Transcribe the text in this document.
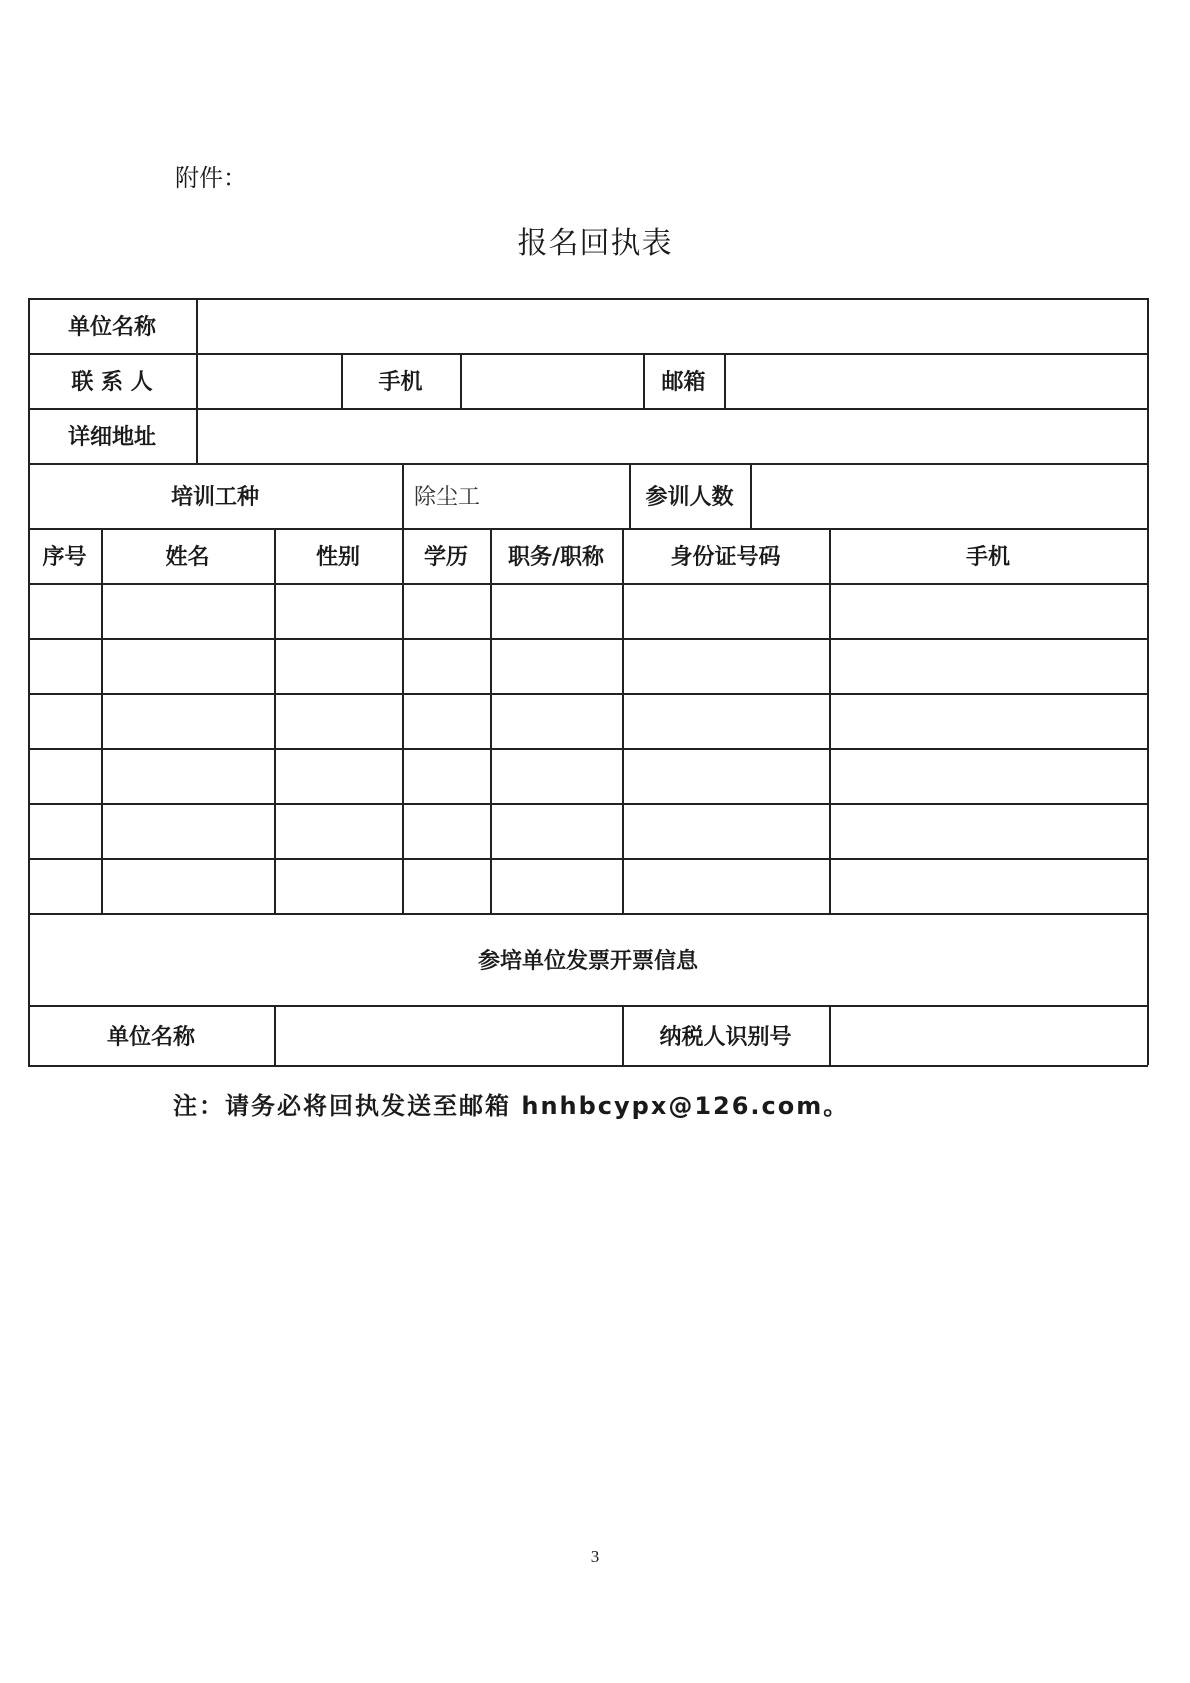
附件：
报名回执表
单位名称
联 系 人	手机	邮箱
详细地址
培训工种	除尘工	参训人数
序号	姓名	性别	学历	职务/职称	身份证号码	手机
参培单位发票开票信息
单位名称	纳税人识别号
注：请务必将回执发送至邮箱 hnhbcypx@126.com。
3
